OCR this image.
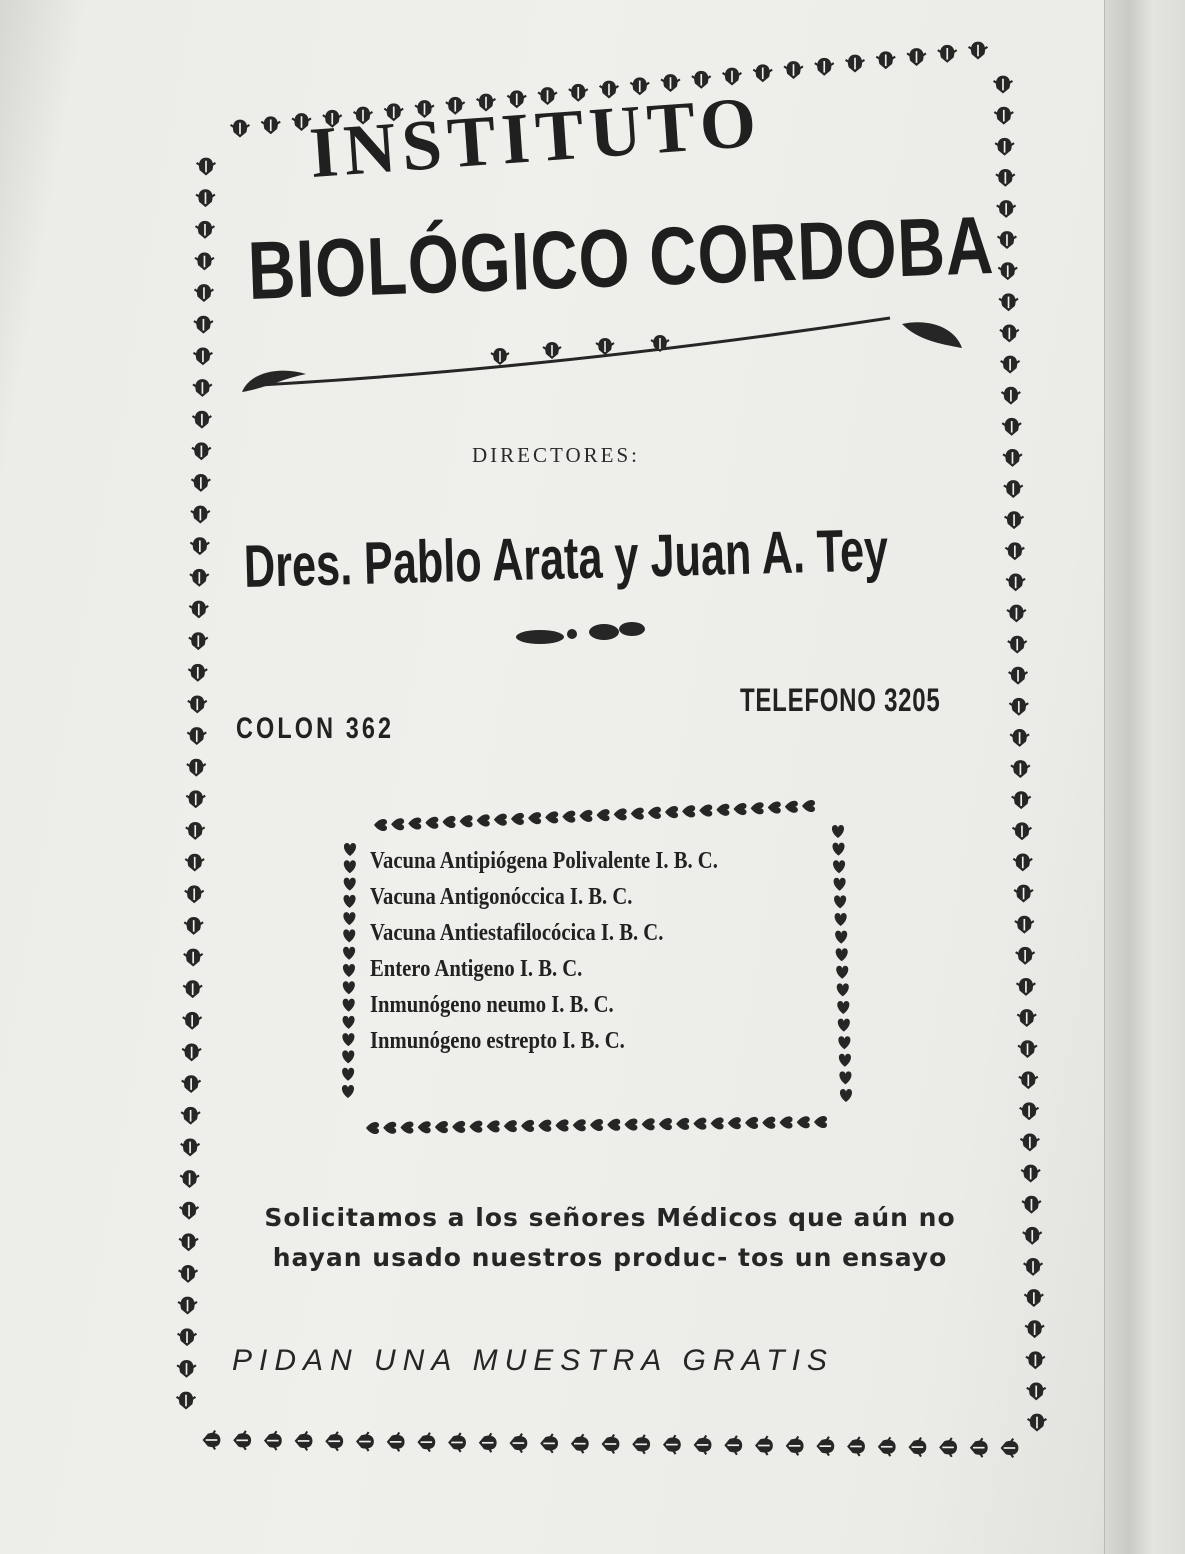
INSTITUTO

BIOLÓGICO CORDOBA

DIRECTORES:

Dres. Pablo Arata y Juan A. Tey

TELEFONO 3205

COLON 362

Vacuna Antipiógena Polivalente I. B. C.
Vacuna Antigonóccica I. B. C.
Vacuna Antiestafilocócica I. B. C.
Entero Antigeno I. B. C.
Inmunógeno neumo I. B. C.
Inmunógeno estrepto I. B. C.

Solicitamos a los señores Médicos que aún no hayan usado nuestros produc- tos un ensayo

PIDAN UNA MUESTRA GRATIS
